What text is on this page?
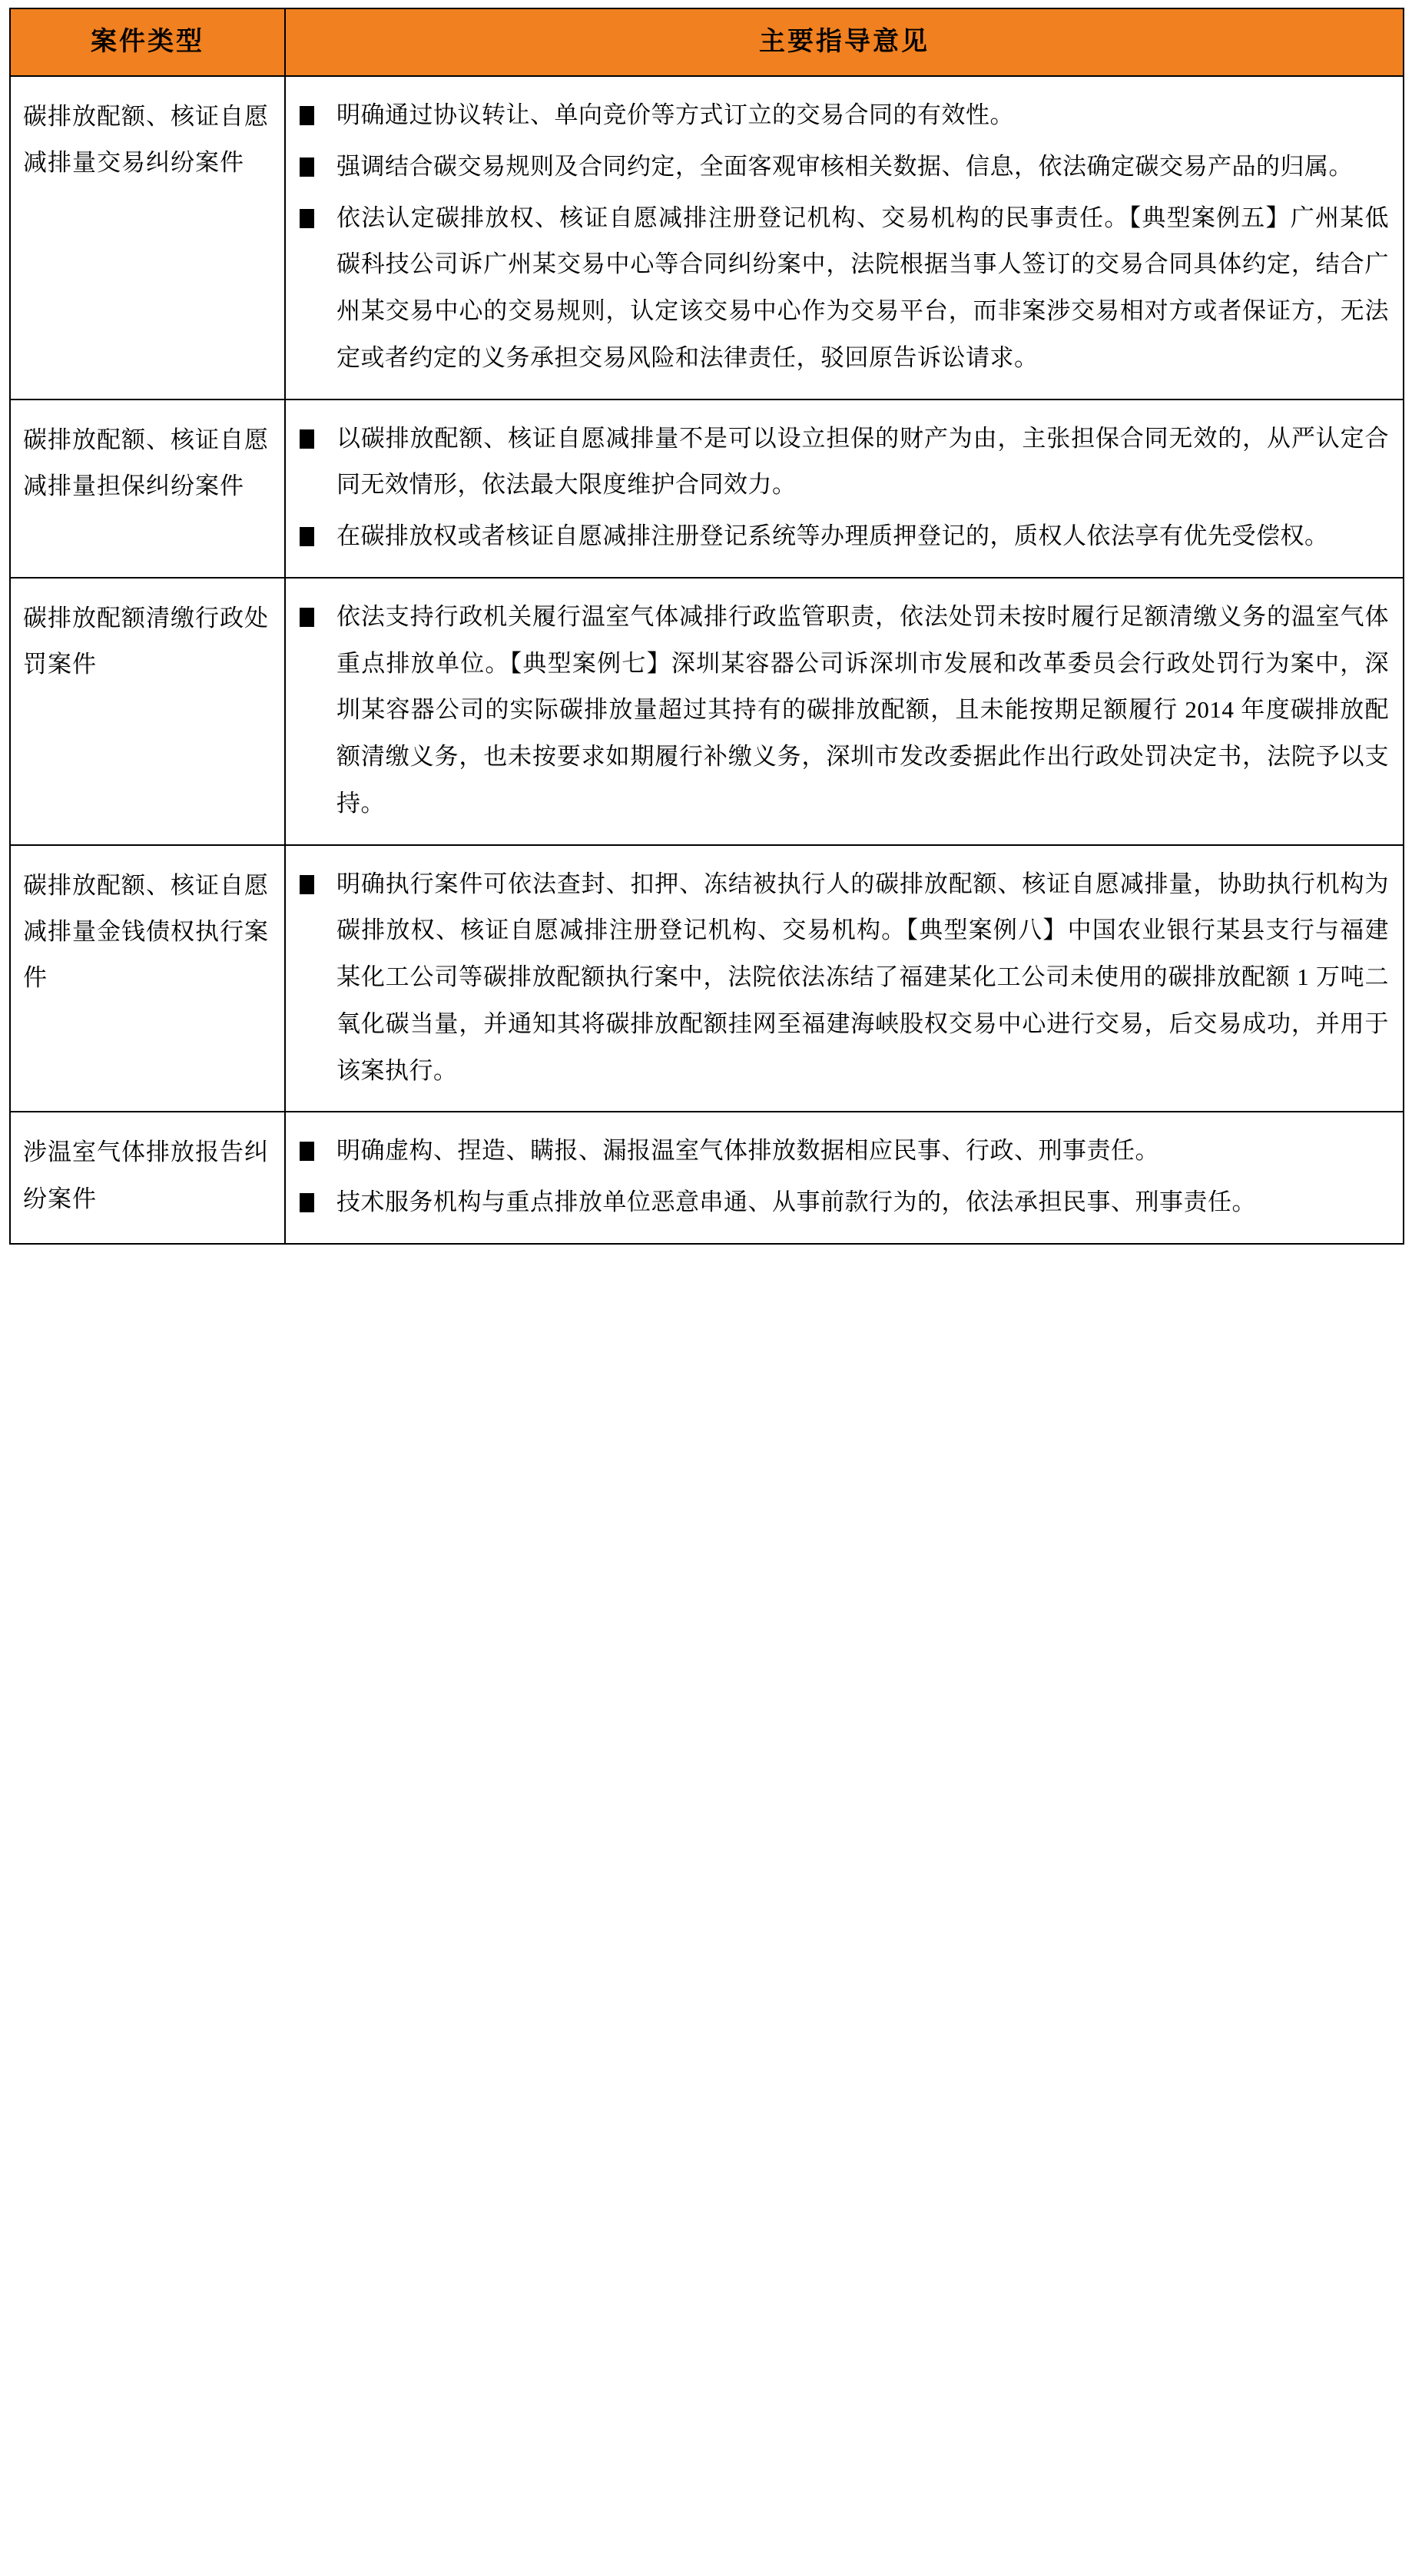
案件类型	主要指导意见

碳排放配额、核证自愿减排量交易纠纷案件	
明确通过协议转让、单向竞价等方式订立的交易合同的有效性。
强调结合碳交易规则及合同约定，全面客观审核相关数据、信息，依法确定碳交易产品的归属。
依法认定碳排放权、核证自愿减排注册登记机构、交易机构的民事责任。【典型案例五】广州某低碳科技公司诉广州某交易中心等合同纠纷案中，法院根据当事人签订的交易合同具体约定，结合广州某交易中心的交易规则，认定该交易中心作为交易平台，而非案涉交易相对方或者保证方，无法定或者约定的义务承担交易风险和法律责任，驳回原告诉讼请求。

碳排放配额、核证自愿减排量担保纠纷案件	
以碳排放配额、核证自愿减排量不是可以设立担保的财产为由，主张担保合同无效的，从严认定合同无效情形，依法最大限度维护合同效力。
在碳排放权或者核证自愿减排注册登记系统等办理质押登记的，质权人依法享有优先受偿权。

碳排放配额清缴行政处罚案件	
依法支持行政机关履行温室气体减排行政监管职责，依法处罚未按时履行足额清缴义务的温室气体重点排放单位。【典型案例七】深圳某容器公司诉深圳市发展和改革委员会行政处罚行为案中，深圳某容器公司的实际碳排放量超过其持有的碳排放配额，且未能按期足额履行 2014 年度碳排放配额清缴义务，也未按要求如期履行补缴义务，深圳市发改委据此作出行政处罚决定书，法院予以支持。

碳排放配额、核证自愿减排量金钱债权执行案件	
明确执行案件可依法查封、扣押、冻结被执行人的碳排放配额、核证自愿减排量，协助执行机构为碳排放权、核证自愿减排注册登记机构、交易机构。【典型案例八】中国农业银行某县支行与福建某化工公司等碳排放配额执行案中，法院依法冻结了福建某化工公司未使用的碳排放配额 1 万吨二氧化碳当量，并通知其将碳排放配额挂网至福建海峡股权交易中心进行交易，后交易成功，并用于该案执行。

涉温室气体排放报告纠纷案件	
明确虚构、捏造、瞒报、漏报温室气体排放数据相应民事、行政、刑事责任。
技术服务机构与重点排放单位恶意串通、从事前款行为的，依法承担民事、刑事责任。
